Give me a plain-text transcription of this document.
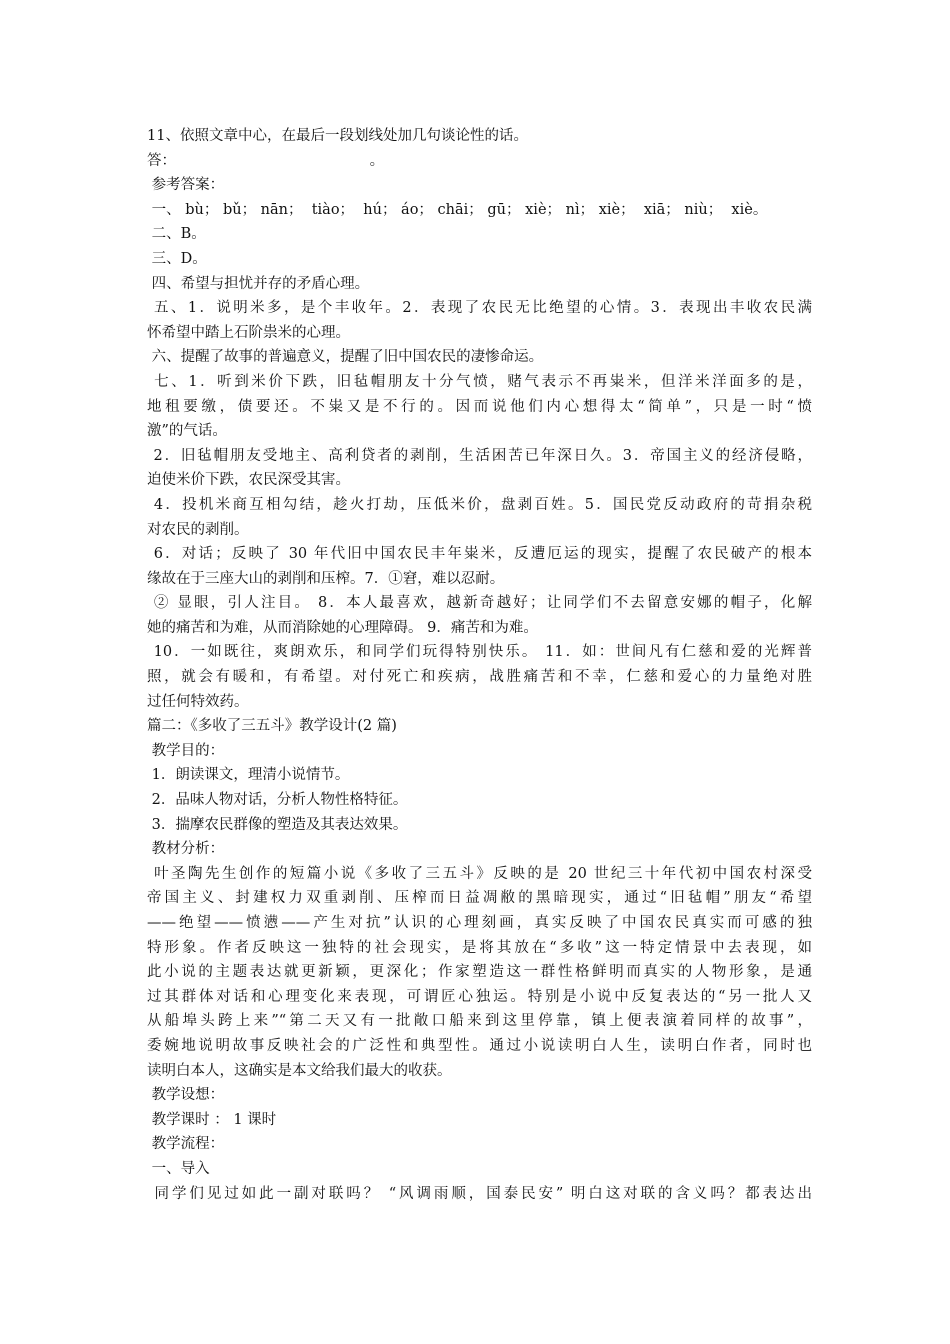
11、依照文章中心，在最后一段划线处加几句谈论性的话。
答：                                          。
参考答案：
一、 bù； bǔ； nān；  tiào；  hú； áo； chāi； gū； xiè； nì； xiè；  xiā； niù；  xiè。
二、B。
三、D。
四、希望与担忧并存的矛盾心理。
五、1．说明米多，是个丰收年。2．表现了农民无比绝望的心情。3．表现出丰收农民满
怀希望中踏上石阶祟米的心理。
六、提醒了故事的普遍意义，提醒了旧中国农民的凄惨命运。
七、1．听到米价下跌，旧毡帽朋友十分气愤，赌气表示不再粜米，但洋米洋面多的是，
地租要缴，债要还。不粜又是不行的。因而说他们内心想得太“简单”，只是一时“愤
激”的气话。
2．旧毡帽朋友受地主、高利贷者的剥削，生活困苦已年深日久。3．帝国主义的经济侵略，
迫使米价下跌，农民深受其害。
4．投机米商互相勾结，趁火打劫，压低米价，盘剥百姓。5．国民党反动政府的苛捐杂税
对农民的剥削。
6．对话；反映了 30 年代旧中国农民丰年粜米，反遭厄运的现实，提醒了农民破产的根本
缘故在于三座大山的剥削和压榨。7．①窘，难以忍耐。
② 显眼，引人注目。 8．本人最喜欢，越新奇越好；让同学们不去留意安娜的帽子，化解
她的痛苦和为难，从而消除她的心理障碍。 9．痛苦和为难。
10．一如既往，爽朗欢乐，和同学们玩得特别快乐。 11．如：世间凡有仁慈和爱的光辉普
照，就会有暖和，有希望。对付死亡和疾病，战胜痛苦和不幸，仁慈和爱心的力量绝对胜
过任何特效药。
篇二：《多收了三五斗》教学设计(2 篇)
教学目的：
1．朗读课文，理清小说情节。
2．品味人物对话，分析人物性格特征。
3．揣摩农民群像的塑造及其表达效果。
教材分析：
叶圣陶先生创作的短篇小说《多收了三五斗》反映的是 20 世纪三十年代初中国农村深受
帝国主义、封建权力双重剥削、压榨而日益凋敝的黑暗现实，通过“旧毡帽”朋友“希望
——绝望——愤懑——产生对抗”认识的心理刻画，真实反映了中国农民真实而可感的独
特形象。作者反映这一独特的社会现实，是将其放在“多收”这一特定情景中去表现，如
此小说的主题表达就更新颖，更深化；作家塑造这一群性格鲜明而真实的人物形象，是通
过其群体对话和心理变化来表现，可谓匠心独运。特别是小说中反复表达的“另一批人又
从船埠头跨上来”“第二天又有一批敞口船来到这里停靠，镇上便表演着同样的故事”，
委婉地说明故事反映社会的广泛性和典型性。通过小说读明白人生，读明白作者，同时也
读明白本人，这确实是本文给我们最大的收获。
教学设想：
教学课时 ： 1 课时
教学流程：
一、导入
同学们见过如此一副对联吗？ “风调雨顺，国泰民安” 明白这对联的含义吗？都表达出
